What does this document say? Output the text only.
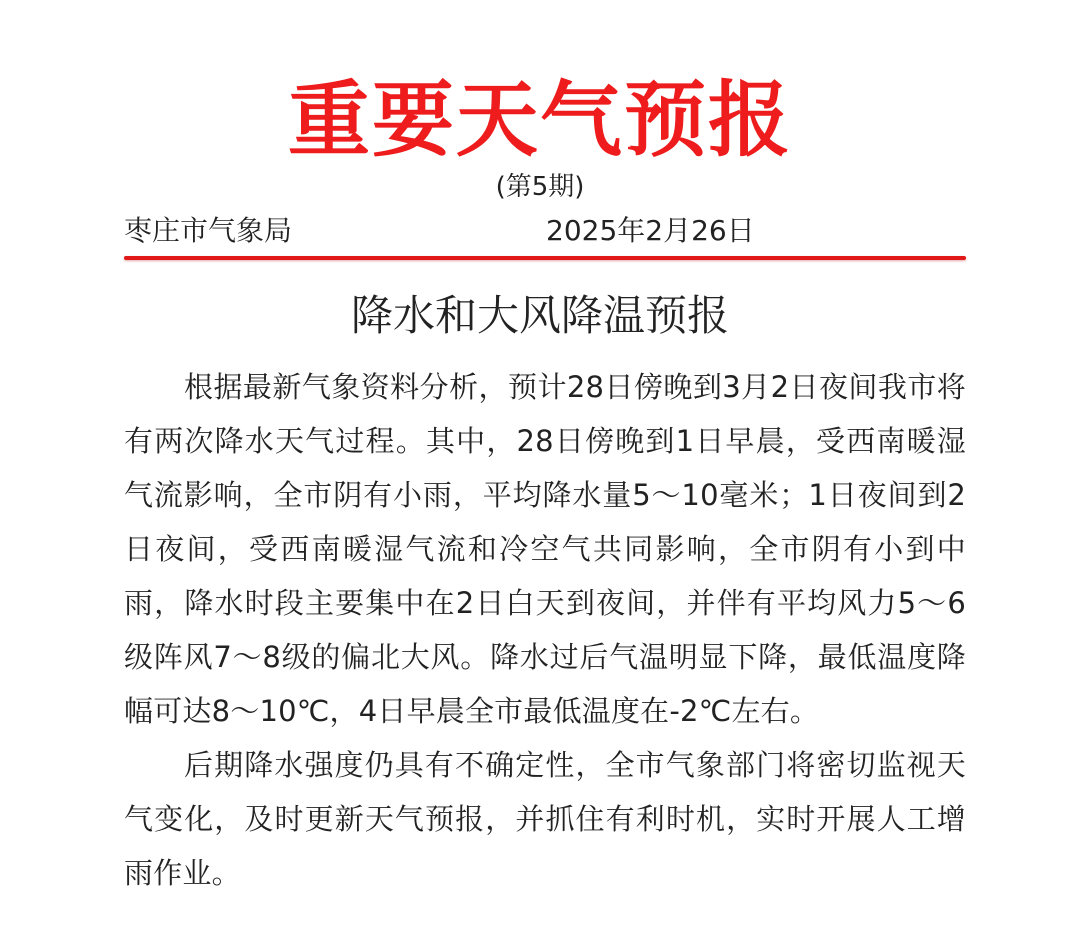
重要天气预报
(第5期)
枣庄市气象局	2025年2月26日
降水和大风降温预报

根据最新气象资料分析，预计28日傍晚到3月2日夜间我市将有两次降水天气过程。其中，28日傍晚到1日早晨，受西南暖湿气流影响，全市阴有小雨，平均降水量5～10毫米；1日夜间到2日夜间，受西南暖湿气流和冷空气共同影响，全市阴有小到中雨，降水时段主要集中在2日白天到夜间，并伴有平均风力5～6级阵风7～8级的偏北大风。降水过后气温明显下降，最低温度降幅可达8～10℃，4日早晨全市最低温度在-2℃左右。

后期降水强度仍具有不确定性，全市气象部门将密切监视天气变化，及时更新天气预报，并抓住有利时机，实时开展人工增雨作业。
